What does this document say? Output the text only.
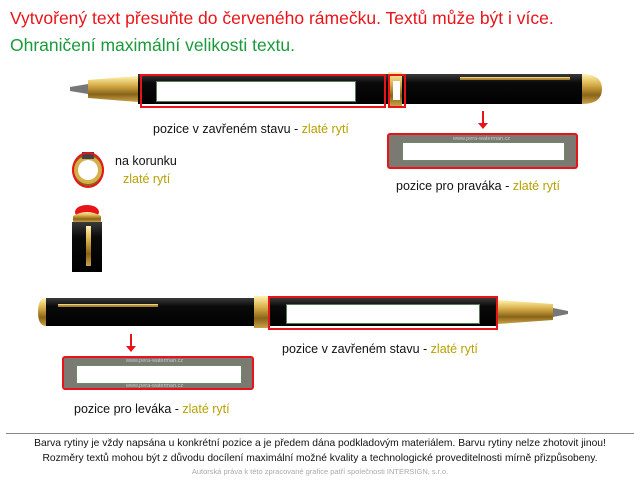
Vytvořený text přesuňte do červeného rámečku. Textů může být i více.
Ohraničení maximální velikosti textu.
pozice v zavřeném stavu - zlaté rytí
www.pera-waterman.cz
pozice pro praváka - zlaté rytí
na korunku
zlaté rytí
pozice v zavřeném stavu - zlaté rytí
www.pera-waterman.cz
www.pera-waterman.cz
pozice pro leváka - zlaté rytí
Barva rytiny je vždy napsána u konkrétní pozice a je předem dána podkladovým materiálem. Barvu rytiny nelze zhotovit jinou!
Rozměry textů mohou být z důvodu docílení maximální možné kvality a technologické proveditelnosti mírně přizpůsobeny.
Autorská práva k této zpracované grafice patří společnosti INTERSIGN, s.r.o.
